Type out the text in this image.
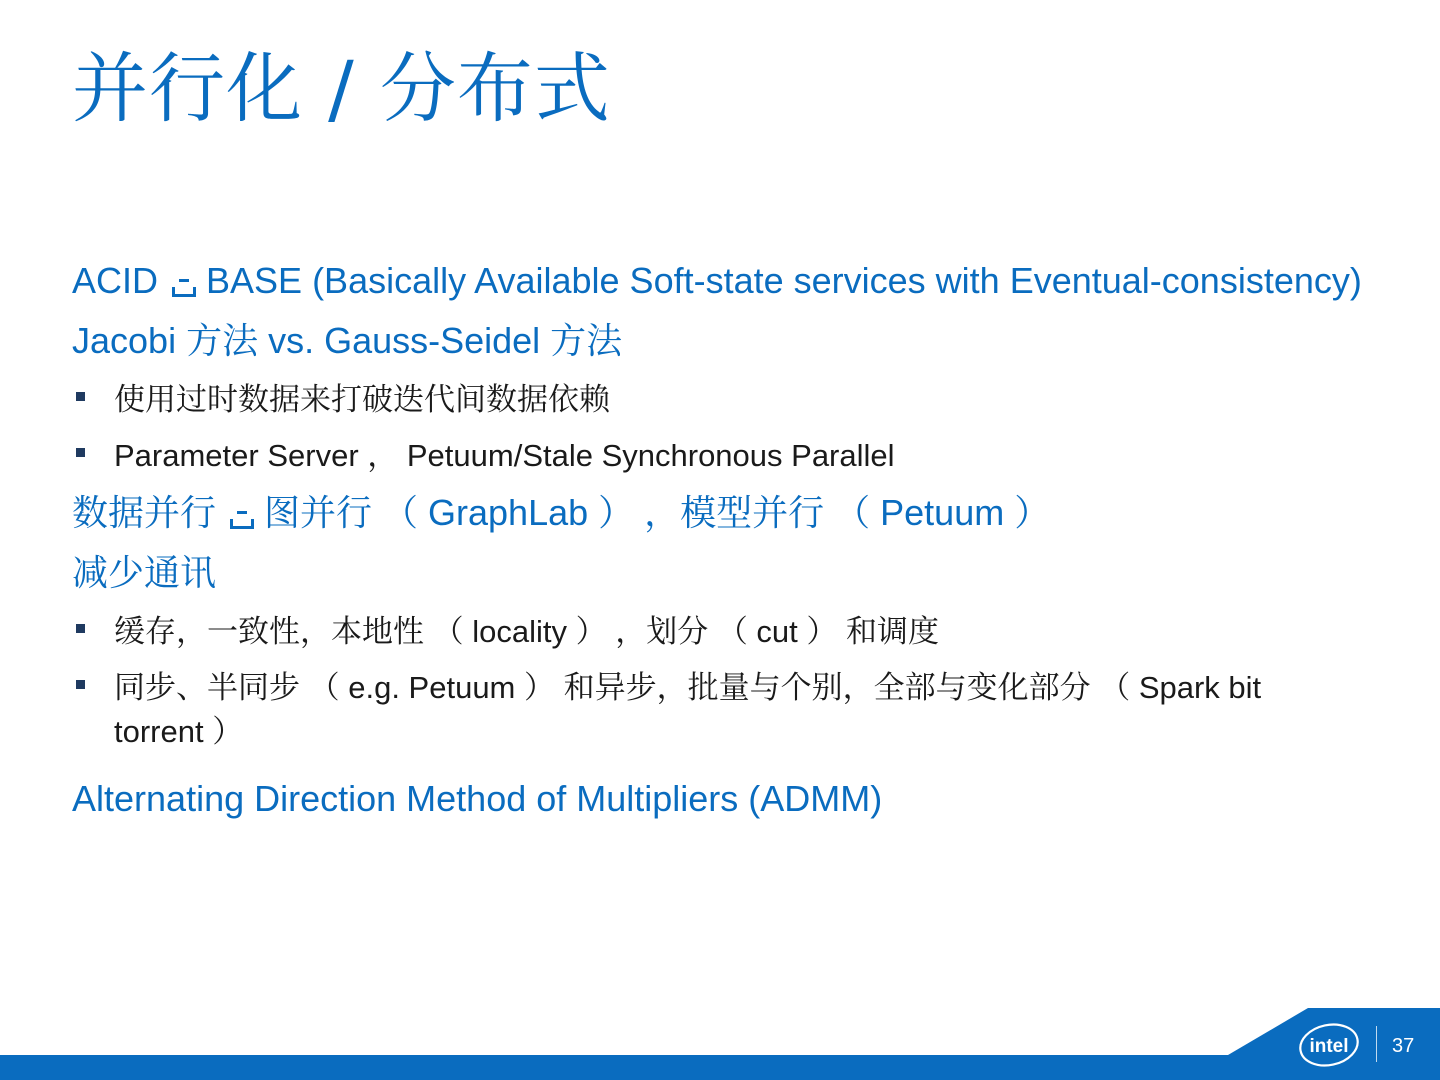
并行化 / 分布式

ACID BASE (Basically Available Soft-state services with Eventual-consistency)

Jacobi 方法 vs. Gauss-Seidel 方法

使用过时数据来打破迭代间数据依赖
Parameter Server ， Petuum/Stale Synchronous Parallel

数据并行 图并行 （ GraphLab ） ，模型并行 （ Petuum ）

减少通讯

缓存，一致性，本地性 （ locality ） ，划分 （ cut ） 和调度
同步、半同步 （ e.g. Petuum ） 和异步，批量与个别，全部与变化部分 （ Spark bit torrent ）

Alternating Direction Method of Multipliers (ADMM)

intel 37
